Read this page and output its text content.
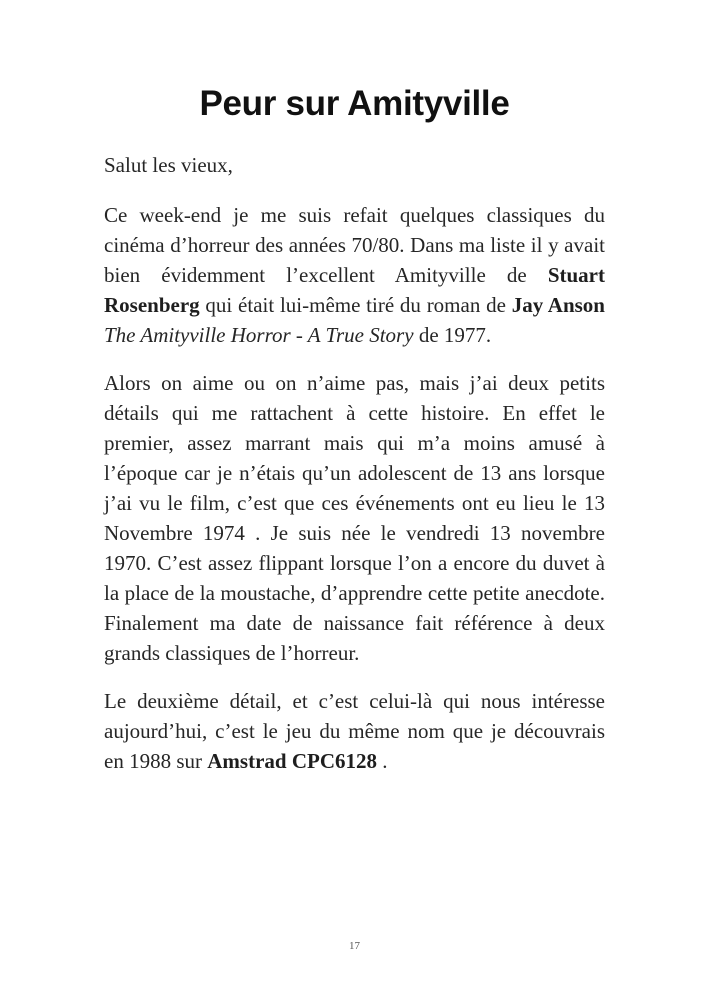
Peur sur Amityville

Salut les vieux,

Ce week-end je me suis refait quelques classiques du cinéma d’horreur des années 70/80. Dans ma liste il y avait bien évidemment l’excellent Amityville de Stuart Rosenberg qui était lui-même tiré du roman de Jay Anson The Amityville Horror - A True Story de 1977.

Alors on aime ou on n’aime pas, mais j’ai deux petits détails qui me rattachent à cette histoire. En effet le premier, assez marrant mais qui m’a moins amusé à l’époque car je n’étais qu’un adolescent de 13 ans lorsque j’ai vu le film, c’est que ces événements ont eu lieu le 13 Novembre 1974 . Je suis née le vendredi 13 novembre 1970. C’est assez flippant lorsque l’on a encore du duvet à la place de la moustache, d’apprendre cette petite anecdote. Finalement ma date de naissance fait référence à deux grands classiques de l’horreur.

Le deuxième détail, et c’est celui-là qui nous intéresse aujourd’hui, c’est le jeu du même nom que je découvrais en 1988 sur Amstrad CPC6128 .

17
